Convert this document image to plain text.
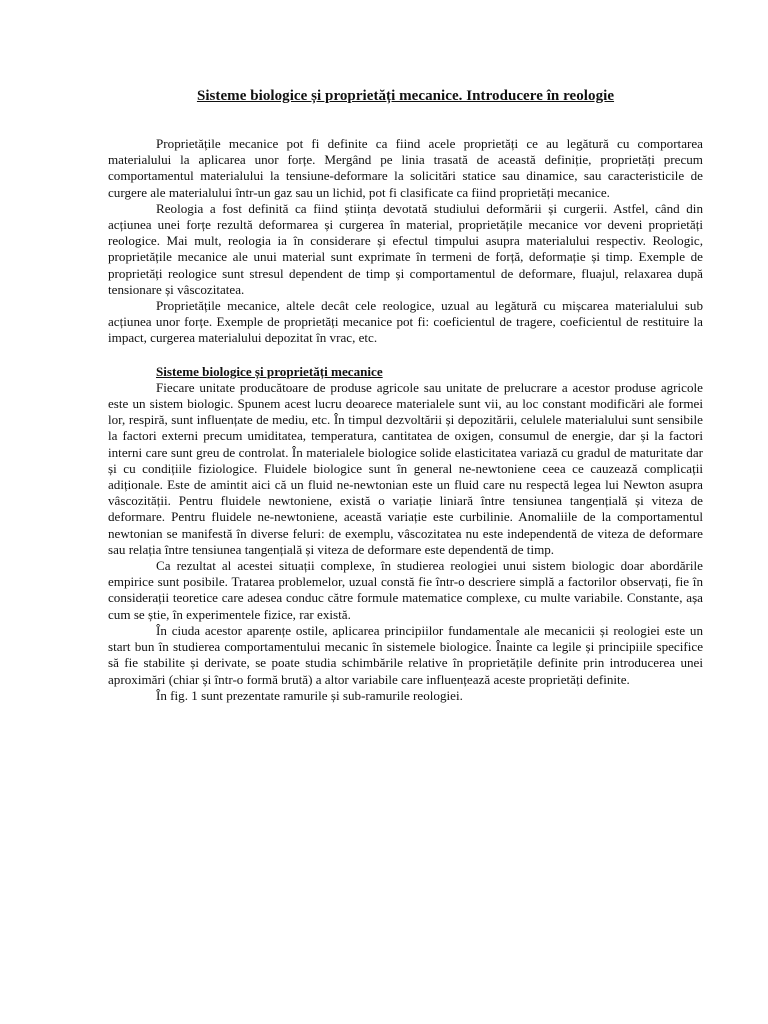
Sisteme biologice și proprietăți mecanice. Introducere în reologie

Proprietățile mecanice pot fi definite ca fiind acele proprietăți ce au legătură cu comportarea materialului la aplicarea unor forțe. Mergând pe linia trasată de această definiție, proprietăți precum comportamentul materialului la tensiune-deformare la solicitări statice sau dinamice, sau caracteristicile de curgere ale materialului într-un gaz sau un lichid, pot fi clasificate ca fiind proprietăți mecanice.

Reologia a fost definită ca fiind știința devotată studiului deformării și curgerii. Astfel, când din acțiunea unei forțe rezultă deformarea și curgerea în material, proprietățile mecanice vor deveni proprietăți reologice. Mai mult, reologia ia în considerare și efectul timpului asupra materialului respectiv. Reologic, proprietățile mecanice ale unui material sunt exprimate în termeni de forță, deformație și timp. Exemple de proprietăți reologice sunt stresul dependent de timp și comportamentul de deformare, fluajul, relaxarea după tensionare și vâscozitatea.

Proprietățile mecanice, altele decât cele reologice, uzual au legătură cu mișcarea materialului sub acțiunea unor forțe. Exemple de proprietăți mecanice pot fi: coeficientul de tragere, coeficientul de restituire la impact, curgerea materialului depozitat în vrac, etc.

Sisteme biologice și proprietăți mecanice

Fiecare unitate producătoare de produse agricole sau unitate de prelucrare a acestor produse agricole este un sistem biologic. Spunem acest lucru deoarece materialele sunt vii, au loc constant modificări ale formei lor, respiră, sunt influențate de mediu, etc. În timpul dezvoltării și depozitării, celulele materialului sunt sensibile la factori externi precum umiditatea, temperatura, cantitatea de oxigen, consumul de energie, dar și la factori interni care sunt greu de controlat. În materialele biologice solide elasticitatea variază cu gradul de maturitate dar și cu condițiile fiziologice. Fluidele biologice sunt în general ne-newtoniene ceea ce cauzează complicații adiționale. Este de amintit aici că un fluid ne-newtonian este un fluid care nu respectă legea lui Newton asupra vâscozității. Pentru fluidele newtoniene, există o variație liniară între tensiunea tangențială și viteza de deformare. Pentru fluidele ne-newtoniene, această variație este curbilinie. Anomaliile de la comportamentul newtonian se manifestă în diverse feluri: de exemplu, vâscozitatea nu este independentă de viteza de deformare sau relația între tensiunea tangențială și viteza de deformare este dependentă de timp.

Ca rezultat al acestei situații complexe, în studierea reologiei unui sistem biologic doar abordările empirice sunt posibile. Tratarea problemelor, uzual constă fie într-o descriere simplă a factorilor observați, fie în considerații teoretice care adesea conduc către formule matematice complexe, cu multe variabile. Constante, așa cum se știe, în experimentele fizice, rar există.

În ciuda acestor aparențe ostile, aplicarea principiilor fundamentale ale mecanicii și reologiei este un start bun în studierea comportamentului mecanic în sistemele biologice. Înainte ca legile și principiile specifice să fie stabilite și derivate, se poate studia schimbările relative în proprietățile definite prin introducerea unei aproximări (chiar și într-o formă brută) a altor variabile care influențează aceste proprietăți definite.

În fig. 1 sunt prezentate ramurile și sub-ramurile reologiei.
